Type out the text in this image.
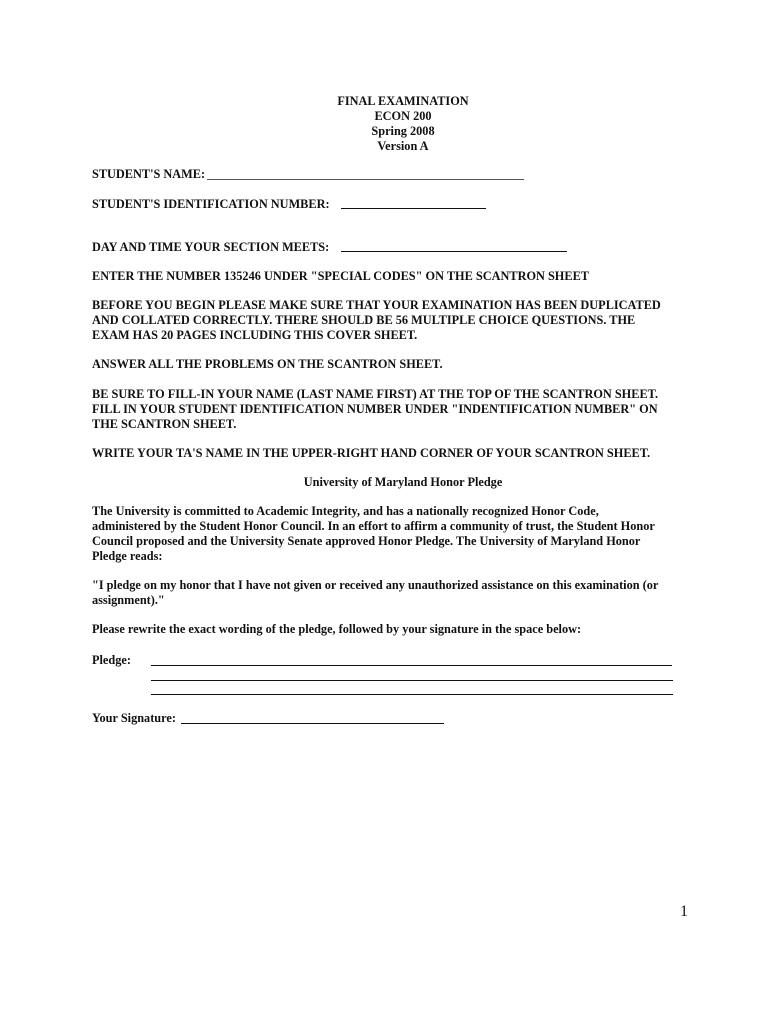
FINAL EXAMINATION
ECON 200
Spring 2008
Version A
STUDENT'S NAME:
STUDENT'S IDENTIFICATION NUMBER:
DAY AND TIME YOUR SECTION MEETS:
ENTER THE NUMBER 135246 UNDER "SPECIAL CODES" ON THE SCANTRON SHEET
BEFORE YOU BEGIN PLEASE MAKE SURE THAT YOUR EXAMINATION HAS BEEN DUPLICATED
AND COLLATED CORRECTLY. THERE SHOULD BE 56 MULTIPLE CHOICE QUESTIONS. THE
EXAM HAS 20 PAGES INCLUDING THIS COVER SHEET.
ANSWER ALL THE PROBLEMS ON THE SCANTRON SHEET.
BE SURE TO FILL-IN YOUR NAME (LAST NAME FIRST) AT THE TOP OF THE SCANTRON SHEET.
FILL IN YOUR STUDENT IDENTIFICATION NUMBER UNDER "INDENTIFICATION NUMBER" ON
THE SCANTRON SHEET.
WRITE YOUR TA'S NAME IN THE UPPER-RIGHT HAND CORNER OF YOUR SCANTRON SHEET.
University of Maryland Honor Pledge
The University is committed to Academic Integrity, and has a nationally recognized Honor Code,
administered by the Student Honor Council. In an effort to affirm a community of trust, the Student Honor
Council proposed and the University Senate approved Honor Pledge. The University of Maryland Honor
Pledge reads:
"I pledge on my honor that I have not given or received any unauthorized assistance on this examination (or
assignment)."
Please rewrite the exact wording of the pledge, followed by your signature in the space below:
Pledge:
Your Signature:
1
